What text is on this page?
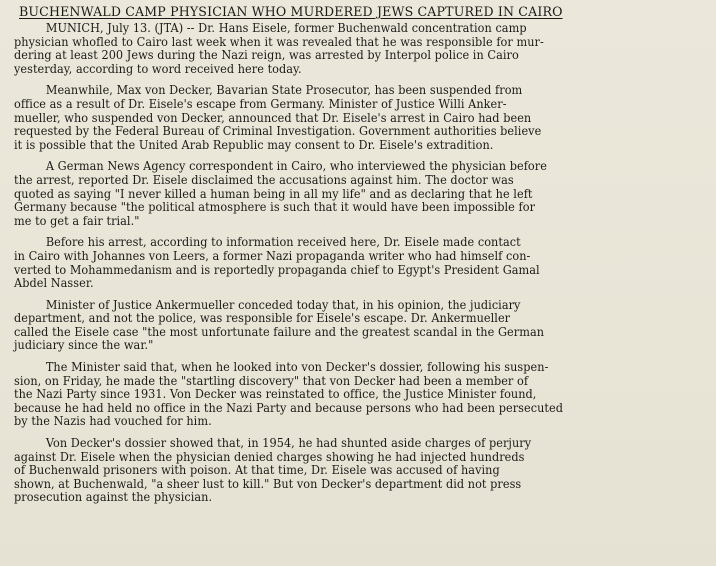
BUCHENWALD CAMP PHYSICIAN WHO MURDERED JEWS CAPTURED IN CAIRO
MUNICH, July 13. (JTA) -- Dr. Hans Eisele, former Buchenwald concentration camp
physician whofled to Cairo last week when it was revealed that he was responsible for mur-
dering at least 200 Jews during the Nazi reign, was arrested by Interpol police in Cairo
yesterday, according to word received here today.
Meanwhile, Max von Decker, Bavarian State Prosecutor, has been suspended from
office as a result of Dr. Eisele's escape from Germany. Minister of Justice Willi Anker-
mueller, who suspended von Decker, announced that Dr. Eisele's arrest in Cairo had been
requested by the Federal Bureau of Criminal Investigation. Government authorities believe
it is possible that the United Arab Republic may consent to Dr. Eisele's extradition.
A German News Agency correspondent in Cairo, who interviewed the physician before
the arrest, reported Dr. Eisele disclaimed the accusations against him. The doctor was
quoted as saying "I never killed a human being in all my life" and as declaring that he left
Germany because "the political atmosphere is such that it would have been impossible for
me to get a fair trial."
Before his arrest, according to information received here, Dr. Eisele made contact
in Cairo with Johannes von Leers, a former Nazi propaganda writer who had himself con-
verted to Mohammedanism and is reportedly propaganda chief to Egypt's President Gamal
Abdel Nasser.
Minister of Justice Ankermueller conceded today that, in his opinion, the judiciary
department, and not the police, was responsible for Eisele's escape. Dr. Ankermueller
called the Eisele case "the most unfortunate failure and the greatest scandal in the German
judiciary since the war."
The Minister said that, when he looked into von Decker's dossier, following his suspen-
sion, on Friday, he made the "startling discovery" that von Decker had been a member of
the Nazi Party since 1931. Von Decker was reinstated to office, the Justice Minister found,
because he had held no office in the Nazi Party and because persons who had been persecuted
by the Nazis had vouched for him.
Von Decker's dossier showed that, in 1954, he had shunted aside charges of perjury
against Dr. Eisele when the physician denied charges showing he had injected hundreds
of Buchenwald prisoners with poison. At that time, Dr. Eisele was accused of having
shown, at Buchenwald, "a sheer lust to kill." But von Decker's department did not press
prosecution against the physician.
